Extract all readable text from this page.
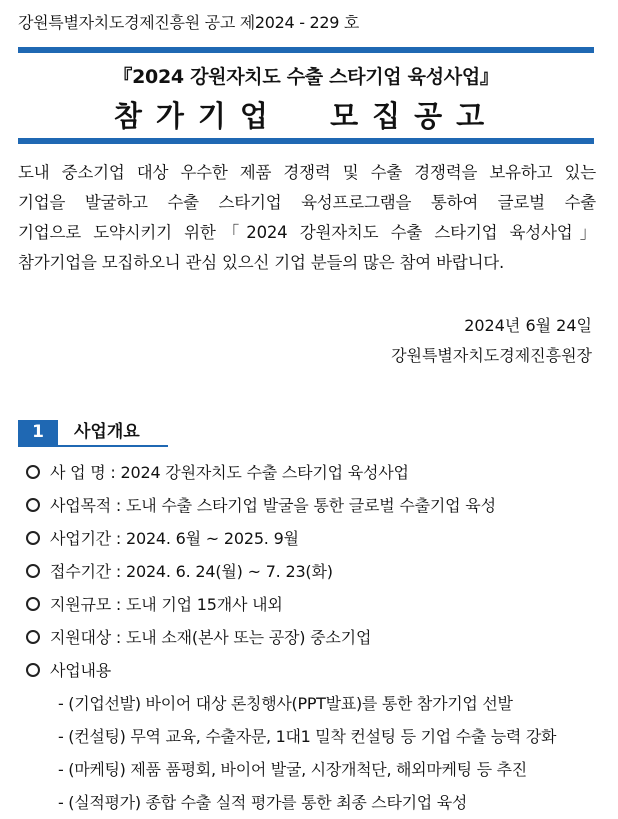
강원특별자치도경제진흥원 공고 제2024 - 229 호
『2024 강원자치도 수출 스타기업 육성사업』
참가기업  모집공고
도내 중소기업 대상 우수한 제품 경쟁력 및 수출 경쟁력을 보유하고 있는
기업을 발굴하고 수출 스타기업 육성프로그램을 통하여 글로벌 수출
기업으로 도약시키기 위한「2024 강원자치도 수출 스타기업 육성사업」
참가기업을 모집하오니 관심 있으신 기업 분들의 많은 참여 바랍니다.
2024년 6월 24일
강원특별자치도경제진흥원장
1	사업개요
사 업 명 : 2024 강원자치도 수출 스타기업 육성사업
사업목적 : 도내 수출 스타기업 발굴을 통한 글로벌 수출기업 육성
사업기간 : 2024. 6월 ~ 2025. 9월
접수기간 : 2024. 6. 24(월) ~ 7. 23(화)
지원규모 : 도내 기업 15개사 내외
지원대상 : 도내 소재(본사 또는 공장) 중소기업
사업내용
- (기업선발) 바이어 대상 론칭행사(PPT발표)를 통한 참가기업 선발
- (컨설팅) 무역 교육, 수출자문, 1대1 밀착 컨설팅 등 기업 수출 능력 강화
- (마케팅) 제품 품평회, 바이어 발굴, 시장개척단, 해외마케팅 등 추진
- (실적평가) 종합 수출 실적 평가를 통한 최종 스타기업 육성
